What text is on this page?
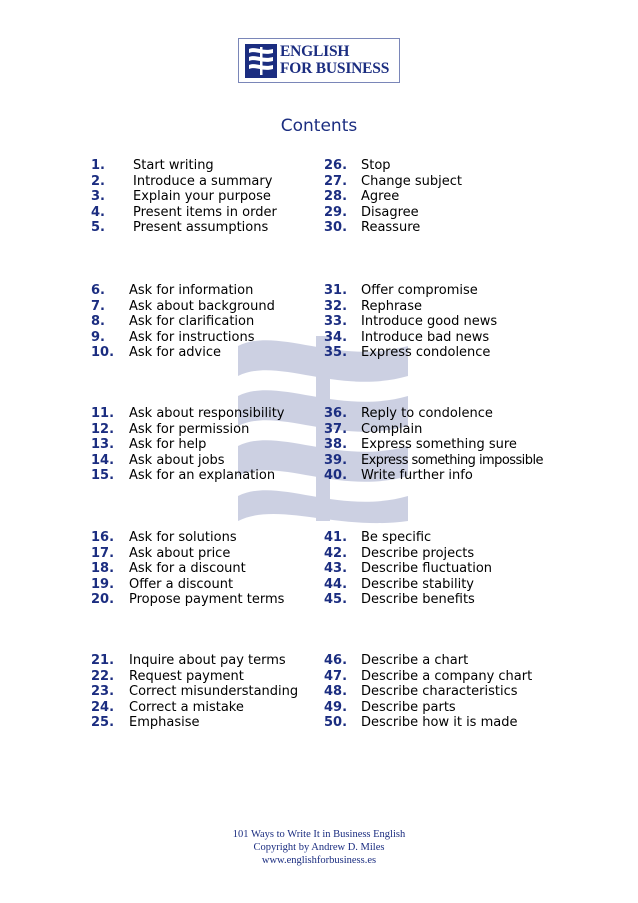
ENGLISH
FOR BUSINESS
Contents
1. Start writing
2. Introduce a summary
3. Explain your purpose
4. Present items in order
5. Present assumptions
26. Stop
27. Change subject
28. Agree
29. Disagree
30. Reassure
6. Ask for information
7. Ask about background
8. Ask for clarification
9. Ask for instructions
10. Ask for advice
31. Offer compromise
32. Rephrase
33. Introduce good news
34. Introduce bad news
35. Express condolence
11. Ask about responsibility
12. Ask for permission
13. Ask for help
14. Ask about jobs
15. Ask for an explanation
36. Reply to condolence
37. Complain
38. Express something sure
39. Express something impossible
40. Write further info
16. Ask for solutions
17. Ask about price
18. Ask for a discount
19. Offer a discount
20. Propose payment terms
41. Be specific
42. Describe projects
43. Describe fluctuation
44. Describe stability
45. Describe benefits
21. Inquire about pay terms
22. Request payment
23. Correct misunderstanding
24. Correct a mistake
25. Emphasise
46. Describe a chart
47. Describe a company chart
48. Describe characteristics
49. Describe parts
50. Describe how it is made
101 Ways to Write It in Business English
Copyright by Andrew D. Miles
www.englishforbusiness.es
